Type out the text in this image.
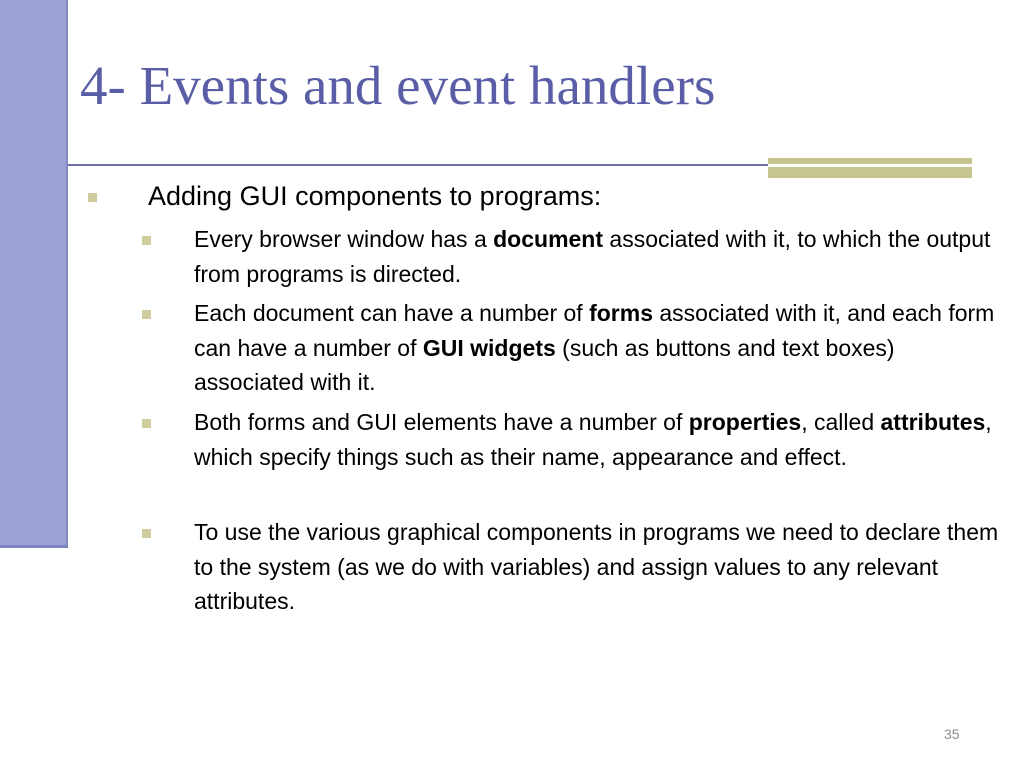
4- Events and event handlers
Adding GUI components to programs:
Every browser window has a document associated with it, to which the output from programs is directed.
Each document can have a number of forms associated with it, and each form can have a number of GUI widgets (such as buttons and text boxes) associated with it.
Both forms and GUI elements have a number of properties, called attributes, which specify things such as their name, appearance and effect.
To use the various graphical components in programs we need to declare them to the system (as we do with variables) and assign values to any relevant attributes.
35
